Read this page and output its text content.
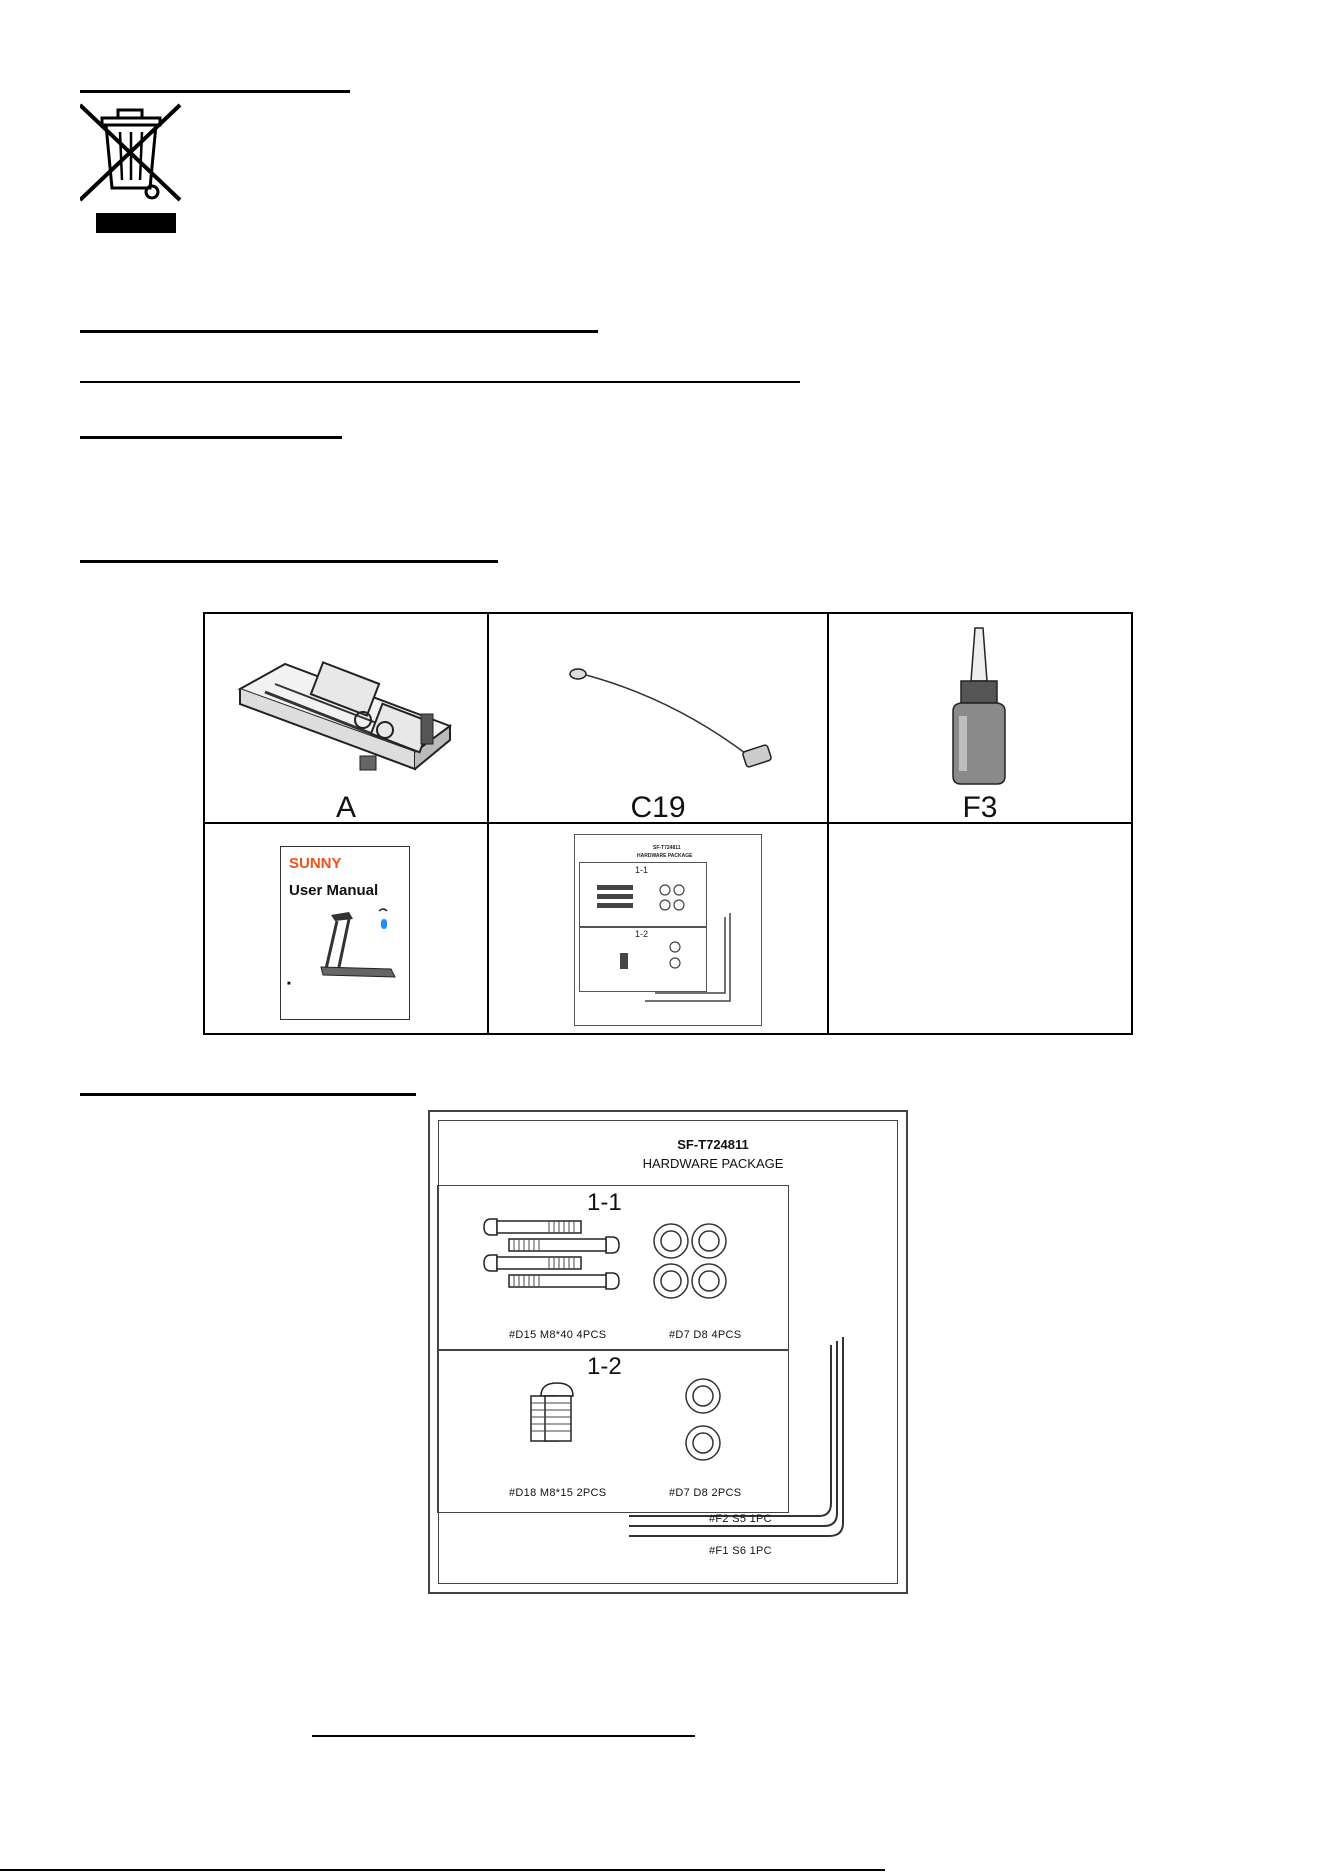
A	C19	F3
SUNNY
User Manual
■
SF-T724811
HARDWARE PACKAGE
1-1
1-2
SF-T724811
HARDWARE PACKAGE
1-1
1-2
#D15 M8*40 4PCS	#D7 D8 4PCS
#D18 M8*15 2PCS	#D7 D8 2PCS
#F2 S5 1PC
#F1 S6 1PC
